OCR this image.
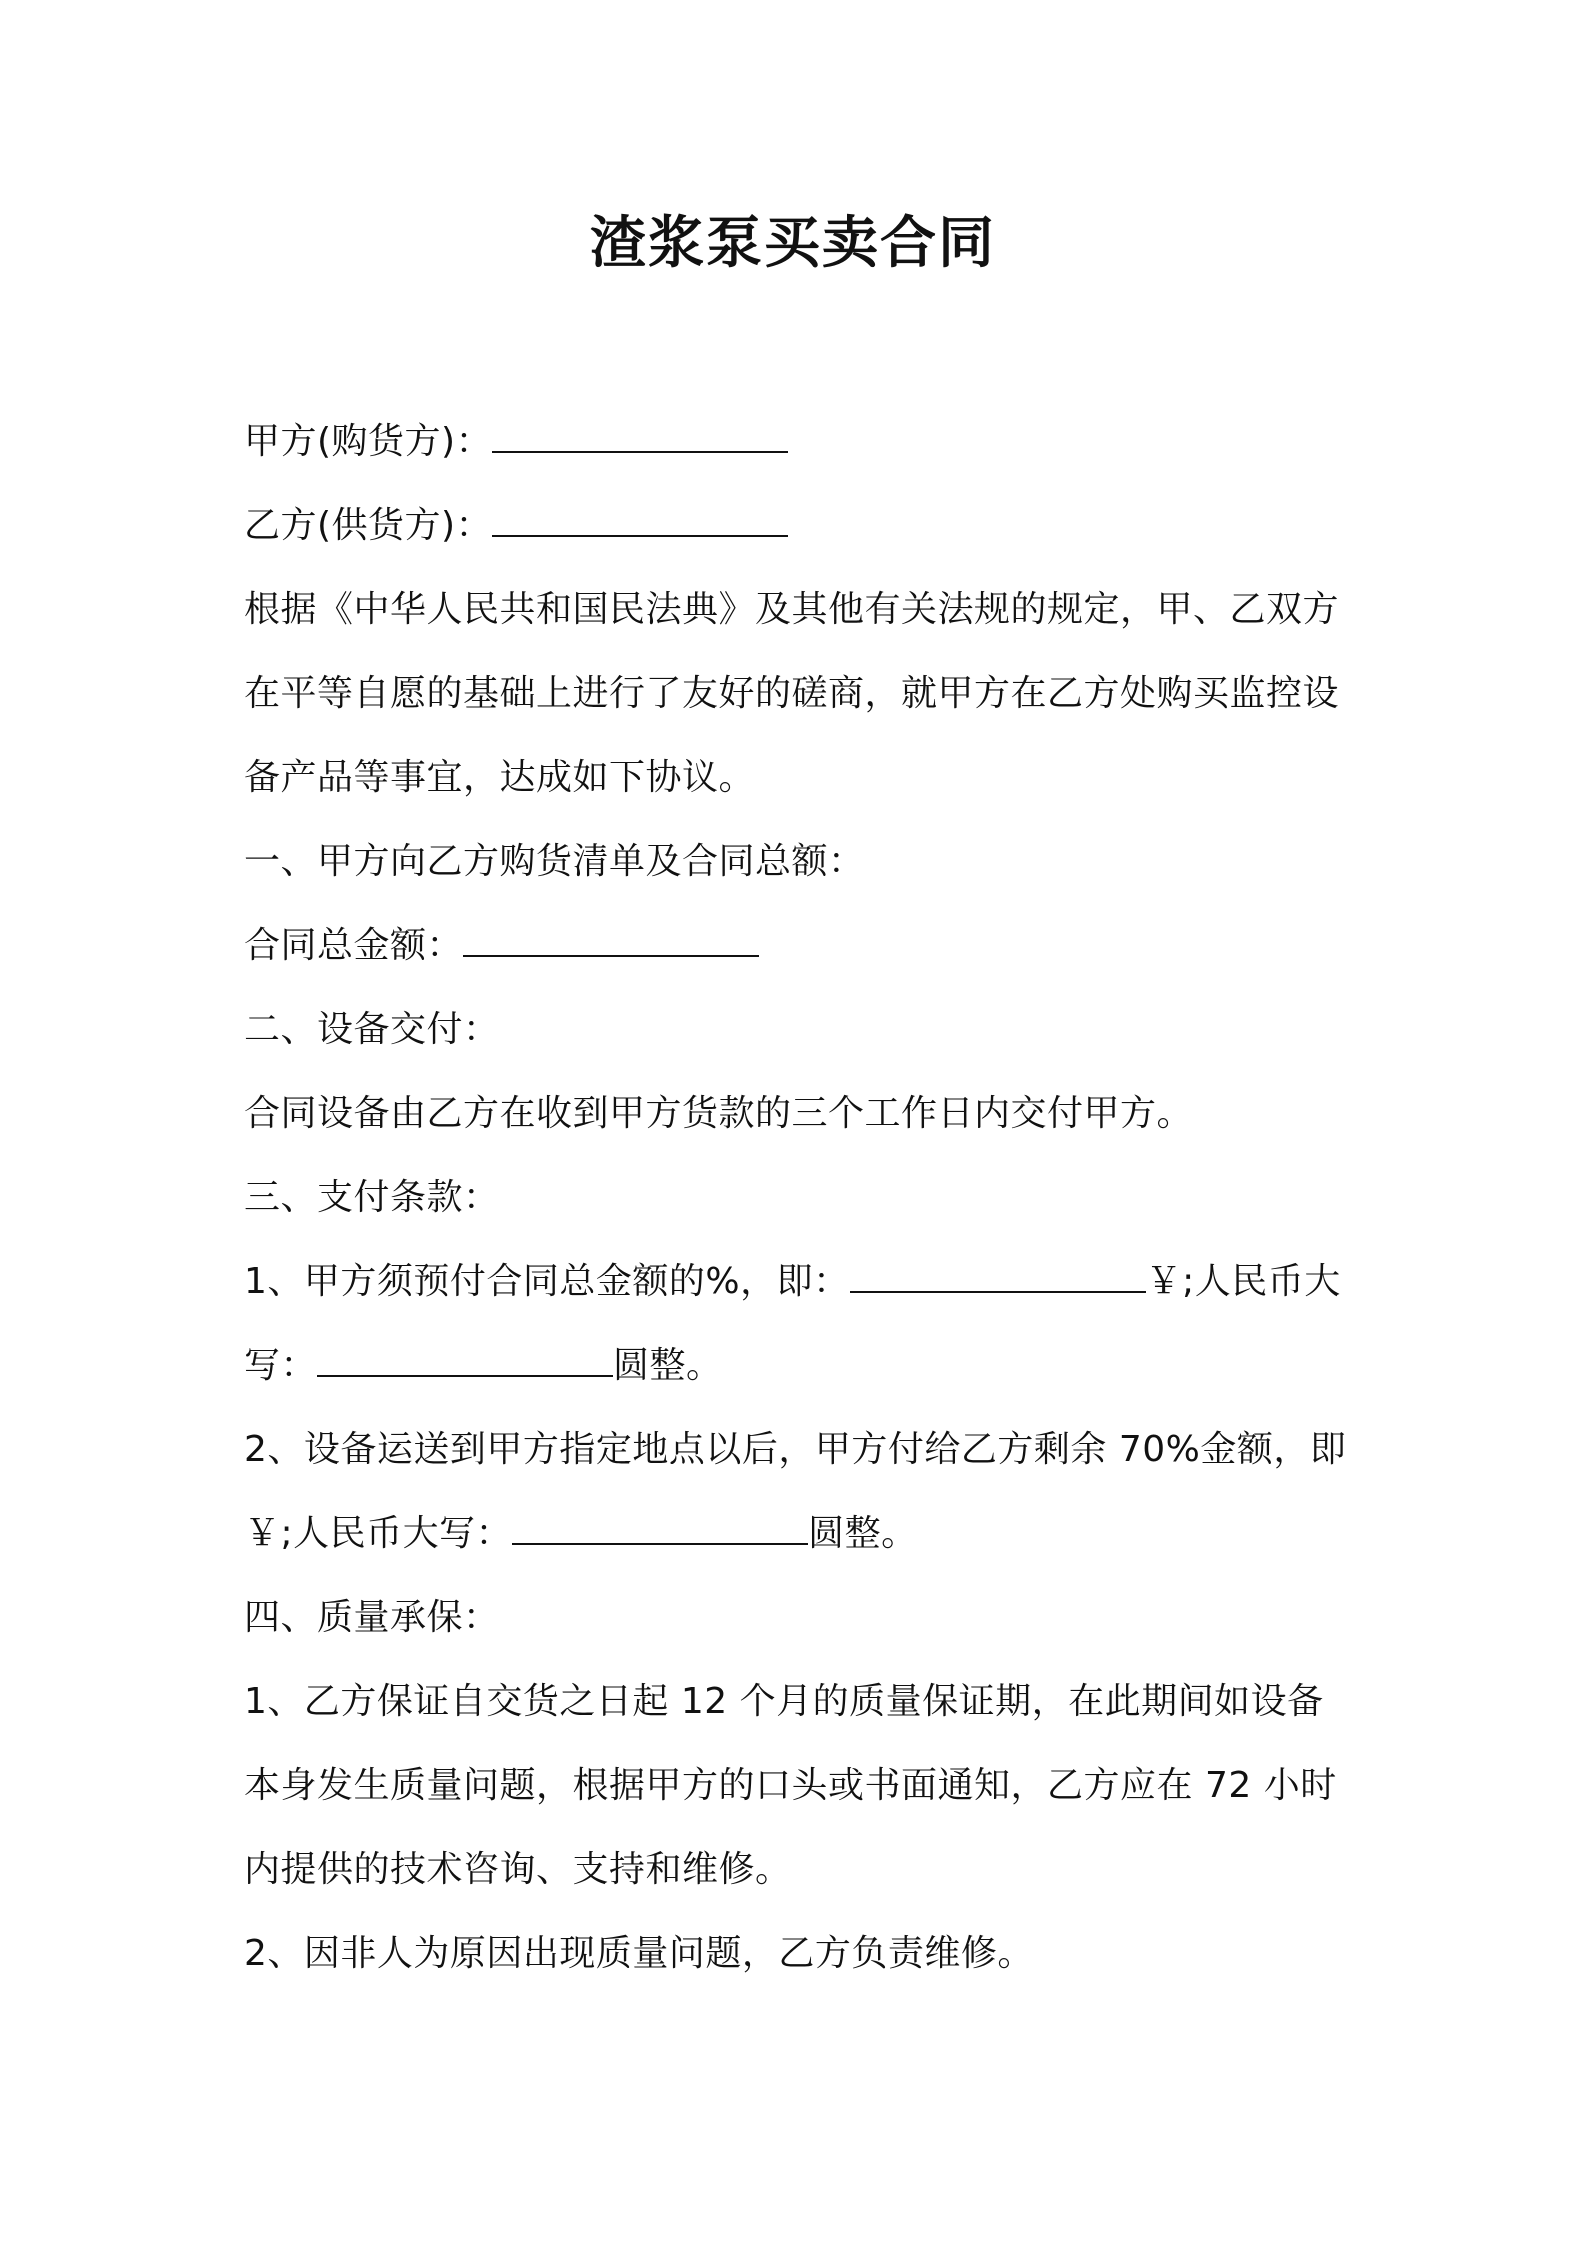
渣浆泵买卖合同
甲方(购货方)：
乙方(供货方)：
根据《中华人民共和国民法典》及其他有关法规的规定，甲、乙双方
在平等自愿的基础上进行了友好的磋商，就甲方在乙方处购买监控设
备产品等事宜，达成如下协议。
一、甲方向乙方购货清单及合同总额：
合同总金额：
二、设备交付：
合同设备由乙方在收到甲方货款的三个工作日内交付甲方。
三、支付条款：
1、甲方须预付合同总金额的%，即：	￥;人民币大
写：	圆整。
2、设备运送到甲方指定地点以后，甲方付给乙方剩余 70%金额，即
￥;人民币大写：	圆整。
四、质量承保：
1、乙方保证自交货之日起 12 个月的质量保证期，在此期间如设备
本身发生质量问题，根据甲方的口头或书面通知，乙方应在 72 小时
内提供的技术咨询、支持和维修。
2、因非人为原因出现质量问题，乙方负责维修。
